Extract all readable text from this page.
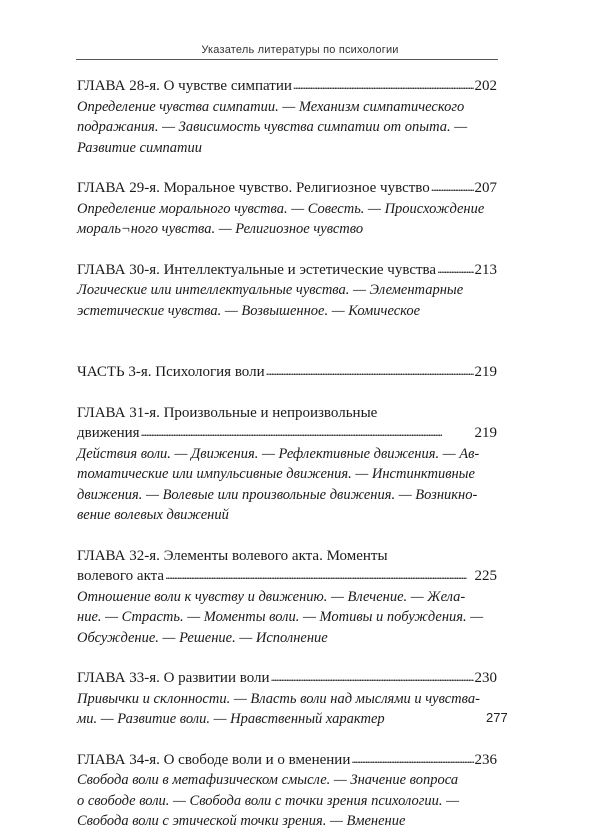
Указатель литературы по психологии
ГЛАВА 28-я. О чувстве симпатии . . .	202

Определение чувства симпатии. — Механизм симпатического
подражания. — Зависимость чувства симпатии от опыта. —
Развитие симпатии

ГЛАВА 29-я. Моральное чувство. Религиозное чувство . . .	207

Определение морального чувства. — Совесть. — Происхождение
мораль¬ного чувства. — Религиозное чувство

ГЛАВА 30-я. Интеллектуальные и эстетические чувства . . .	213

Логические или интеллектуальные чувства. — Элементарные
эстетические чувства. — Возвышенное. — Комическое

ЧАСТЬ 3-я. Психология воли . . .	219

ГЛАВА 31-я. Произвольные и непроизвольные

движения . . .	219

Действия воли. — Движения. — Рефлективные движения. — Ав-
томатические или импульсивные движения. — Инстинктивные
движения. — Волевые или произвольные движения. — Возникно-
вение волевых движений

ГЛАВА 32-я. Элементы волевого акта. Моменты

волевого акта . . .	225

Отношение воли к чувству и движению. — Влечение. — Жела-
ние. — Страсть. — Моменты воли. — Мотивы и побуждения. —
Обсуждение. — Решение. — Исполнение

ГЛАВА 33-я. О развитии воли . . .	230

Привычки и склонности. — Власть воли над мыслями и чувства-
ми. — Развитие воли. — Нравственный характер

ГЛАВА 34-я. О свободе воли и о вменении . . .	236

Свобода воли в метафизическом смысле. — Значение вопроса
о свободе воли. — Свобода воли с точки зрения психологии. —
Свобода воли с этической точки зрения. — Вменение

277
